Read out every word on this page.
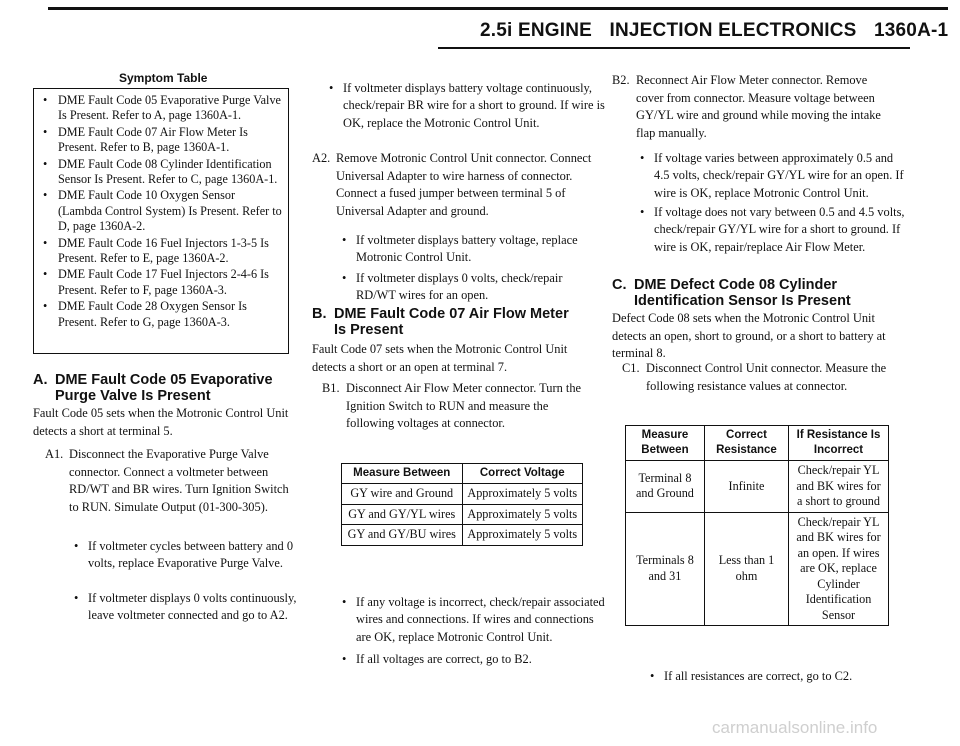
2.5i ENGINE INJECTION ELECTRONICS 1360A-1
Symptom Table
• DME Fault Code 05 Evaporative Purge Valve Is Present. Refer to A, page 1360A-1.
• DME Fault Code 07 Air Flow Meter Is Present. Refer to B, page 1360A-1.
• DME Fault Code 08 Cylinder Identification Sensor Is Present. Refer to C, page 1360A-1.
• DME Fault Code 10 Oxygen Sensor (Lambda Control System) Is Present. Refer to D, page 1360A-2.
• DME Fault Code 16 Fuel Injectors 1-3-5 Is Present. Refer to E, page 1360A-2.
• DME Fault Code 17 Fuel Injectors 2-4-6 Is Present. Refer to F, page 1360A-3.
• DME Fault Code 28 Oxygen Sensor Is Present. Refer to G, page 1360A-3.
A. DME Fault Code 05 Evaporative Purge Valve Is Present
Fault Code 05 sets when the Motronic Control Unit detects a short at terminal 5.
A1. Disconnect the Evaporative Purge Valve connector. Connect a voltmeter between RD/WT and BR wires. Turn Ignition Switch to RUN. Simulate Output (01-300-305).
• If voltmeter cycles between battery and 0 volts, replace Evaporative Purge Valve.
• If voltmeter displays 0 volts continuously, leave voltmeter connected and go to A2.
• If voltmeter displays battery voltage continuously, check/repair BR wire for a short to ground. If wire is OK, replace the Motronic Control Unit.
A2. Remove Motronic Control Unit connector. Connect Universal Adapter to wire harness of connector. Connect a fused jumper between terminal 5 of Universal Adapter and ground.
• If voltmeter displays battery voltage, replace Motronic Control Unit.
• If voltmeter displays 0 volts, check/repair RD/WT wires for an open.
B. DME Fault Code 07 Air Flow Meter Is Present
Fault Code 07 sets when the Motronic Control Unit detects a short or an open at terminal 7.
B1. Disconnect Air Flow Meter connector. Turn the Ignition Switch to RUN and measure the following voltages at connector.
Measure Between	Correct Voltage
GY wire and Ground	Approximately 5 volts
GY and GY/YL wires	Approximately 5 volts
GY and GY/BU wires	Approximately 5 volts
• If any voltage is incorrect, check/repair associated wires and connections. If wires and connections are OK, replace Motronic Control Unit.
• If all voltages are correct, go to B2.
B2. Reconnect Air Flow Meter connector. Remove cover from connector. Measure voltage between GY/YL wire and ground while moving the intake flap manually.
• If voltage varies between approximately 0.5 and 4.5 volts, check/repair GY/YL wire for an open. If wire is OK, replace Motronic Control Unit.
• If voltage does not vary between 0.5 and 4.5 volts, check/repair GY/YL wire for a short to ground. If wire is OK, repair/replace Air Flow Meter.
C. DME Defect Code 08 Cylinder Identification Sensor Is Present
Defect Code 08 sets when the Motronic Control Unit detects an open, short to ground, or a short to battery at terminal 8.
C1. Disconnect Control Unit connector. Measure the following resistance values at connector.
Measure Between	Correct Resistance	If Resistance Is Incorrect
Terminal 8 and Ground	Infinite	Check/repair YL and BK wires for a short to ground
Terminals 8 and 31	Less than 1 ohm	Check/repair YL and BK wires for an open. If wires are OK, replace Cylinder Identification Sensor
• If all resistances are correct, go to C2.
carmanualsonline.info
